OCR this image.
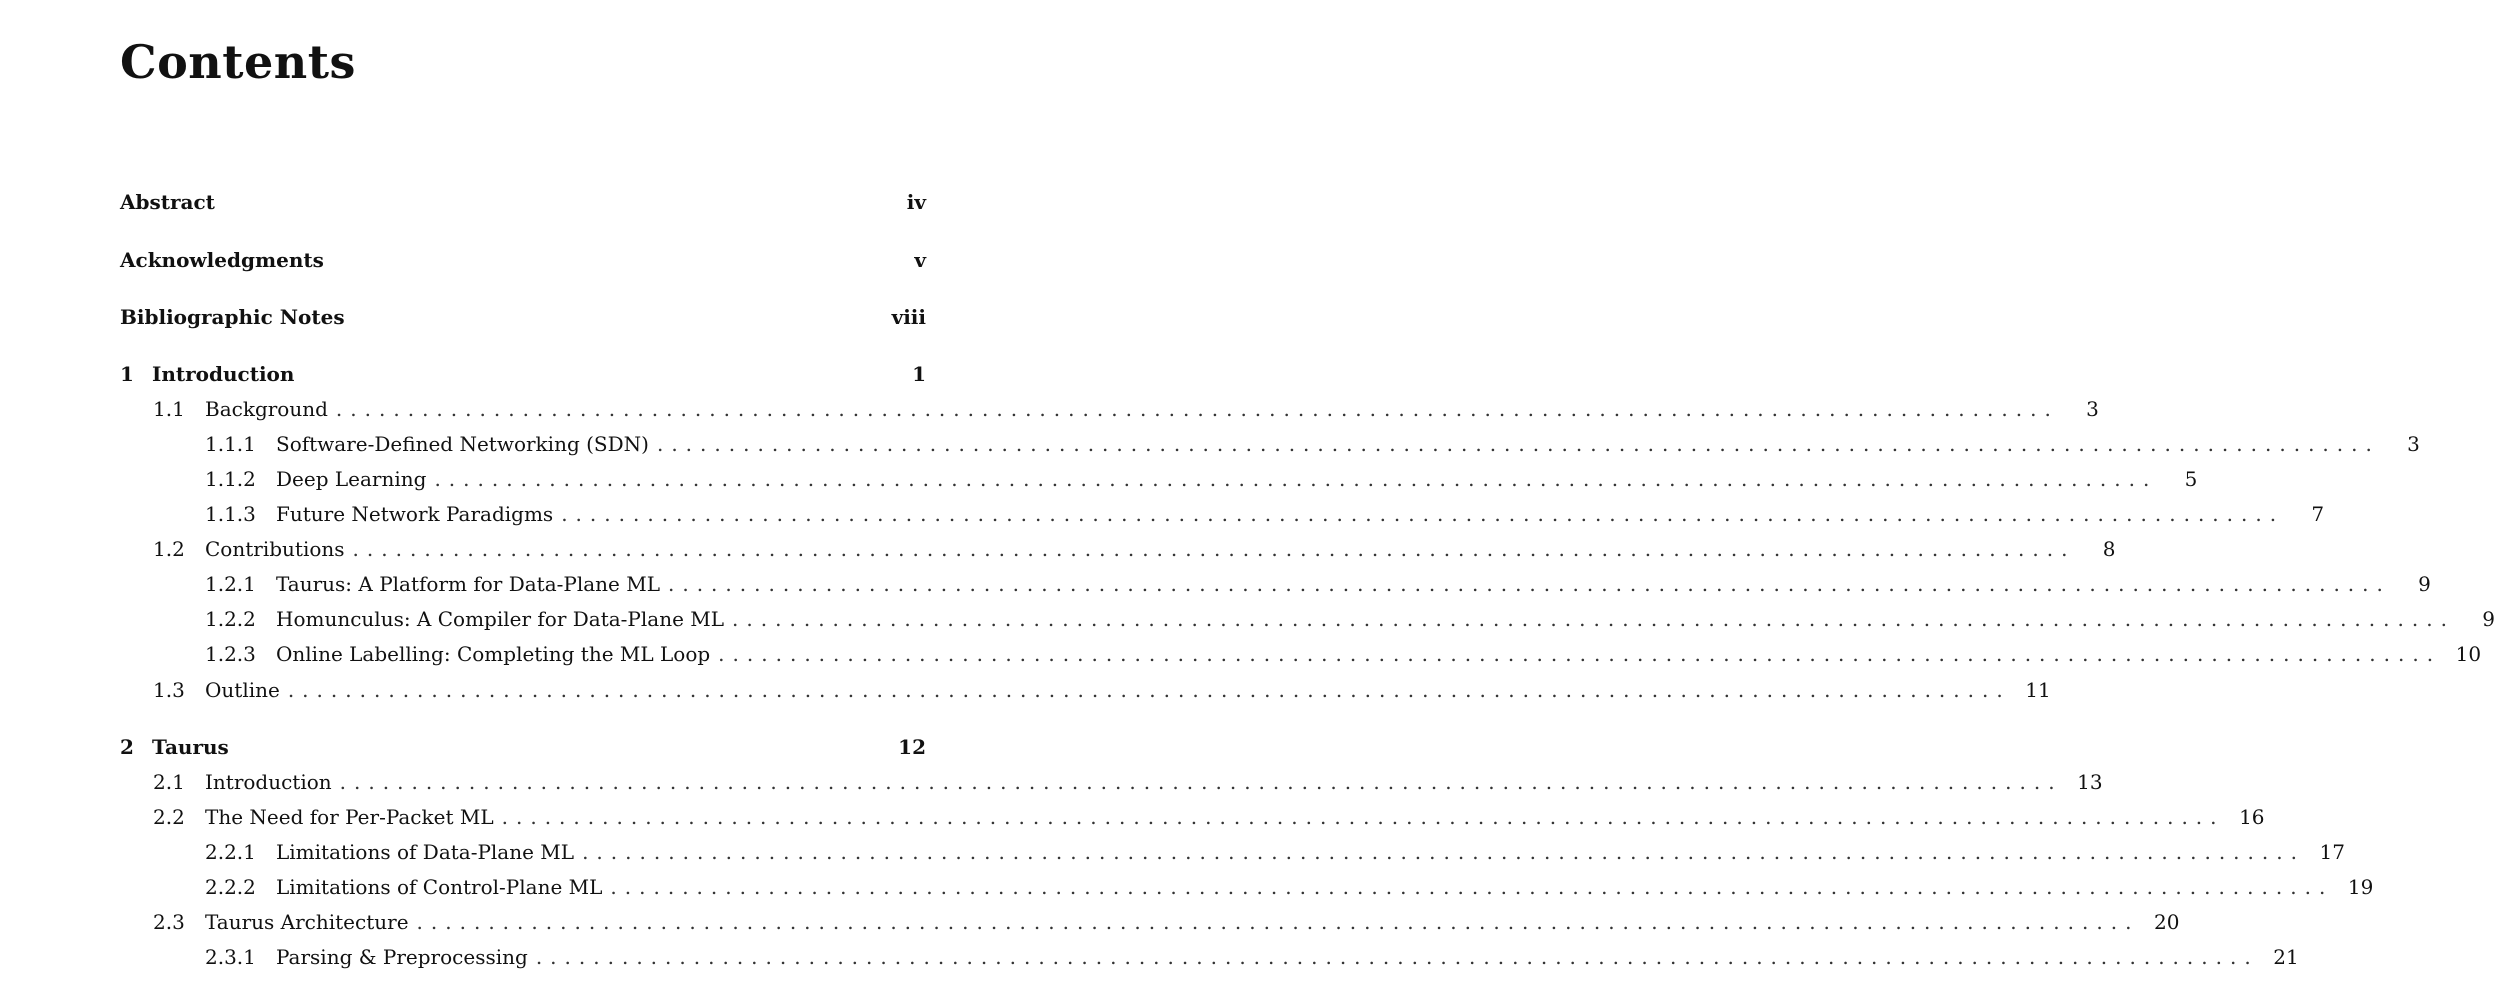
Contents
Abstract	iv
Acknowledgments	v
Bibliographic Notes	viii
1 Introduction	1
1.1	Background ........................................................................................................................	3
1.1.1	Software-Defined Networking (SDN) ........................................................................................................................	3
1.1.2	Deep Learning ........................................................................................................................	5
1.1.3	Future Network Paradigms ........................................................................................................................	7
1.2	Contributions ........................................................................................................................	8
1.2.1	Taurus: A Platform for Data-Plane ML ........................................................................................................................	9
1.2.2	Homunculus: A Compiler for Data-Plane ML ........................................................................................................................	9
1.2.3	Online Labelling: Completing the ML Loop ........................................................................................................................ 10
1.3	Outline ........................................................................................................................ 11
2 Taurus	12
2.1	Introduction ........................................................................................................................ 13
2.2	The Need for Per-Packet ML ........................................................................................................................ 16
2.2.1	Limitations of Data-Plane ML ........................................................................................................................ 17
2.2.2	Limitations of Control-Plane ML ........................................................................................................................ 19
2.3	Taurus Architecture ........................................................................................................................ 20
2.3.1	Parsing & Preprocessing ........................................................................................................................ 21
